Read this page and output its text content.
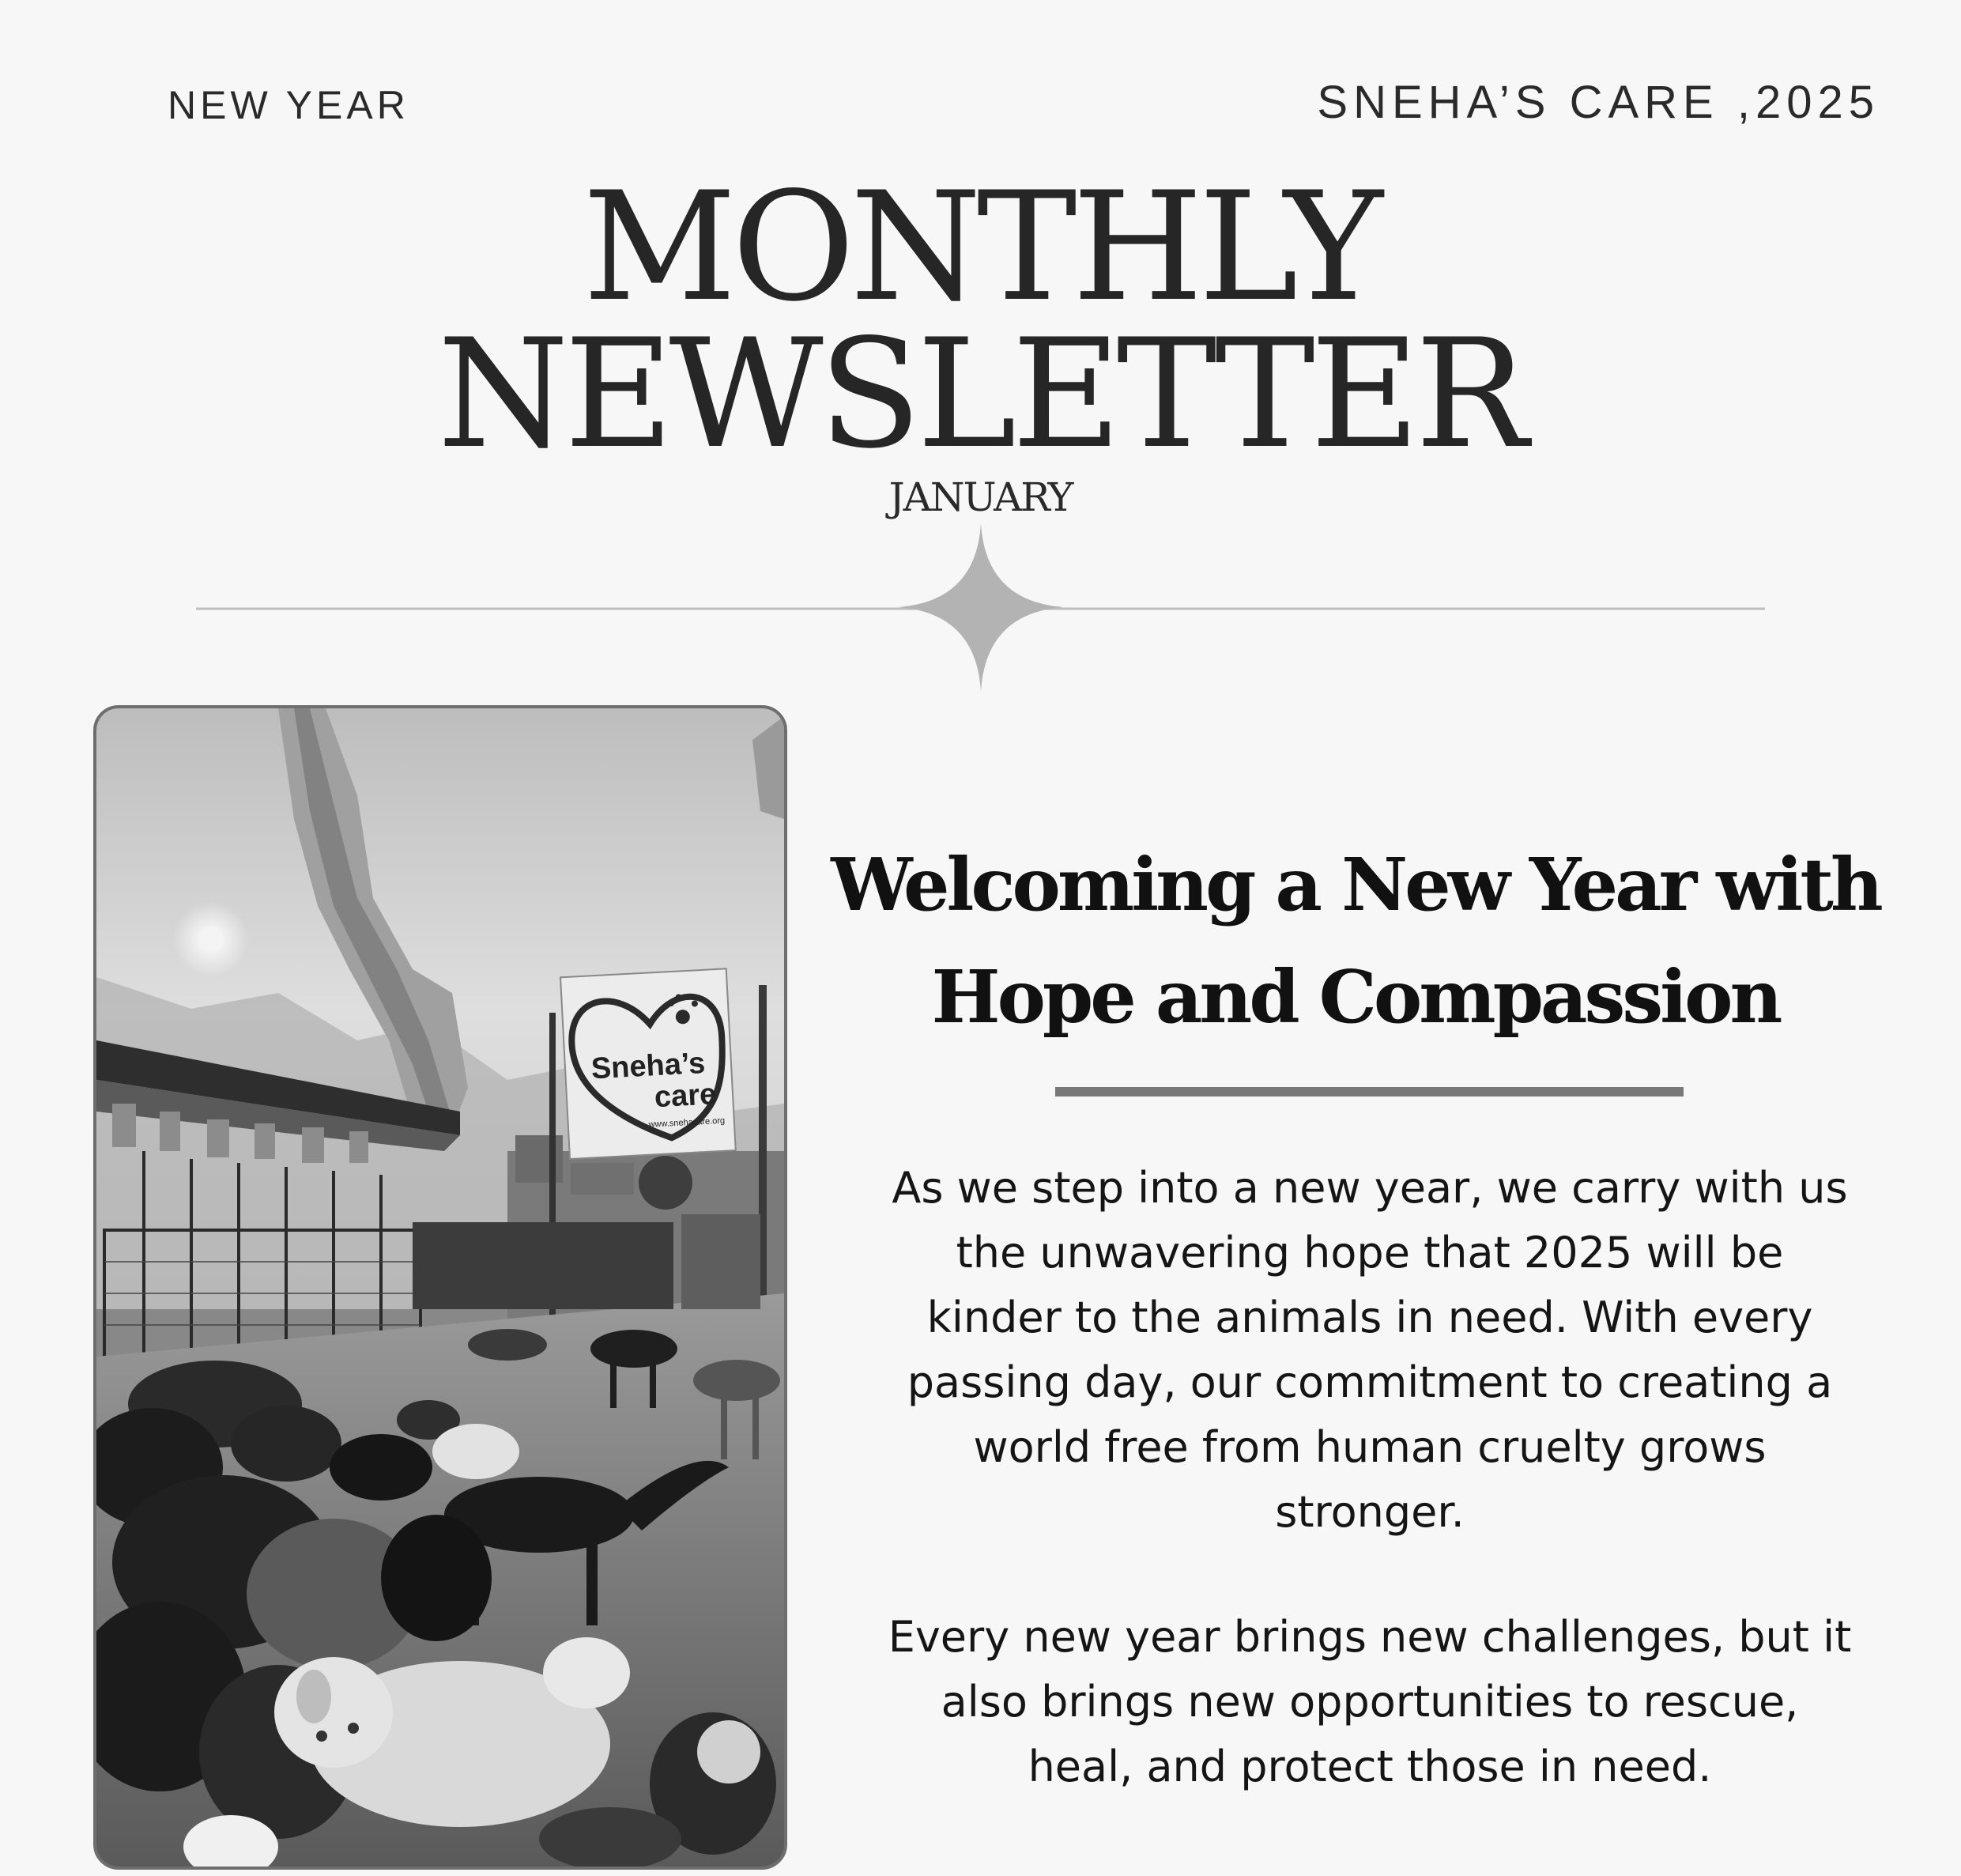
NEW YEAR	SNEHA’S CARE ,2025
MONTHLY
NEWSLETTER
JANUARY
Sneha’s
care
www.snehacare.org
Welcoming a New Year with
Hope and Compassion

As we step into a new year, we carry with us
the unwavering hope that 2025 will be
kinder to the animals in need. With every
passing day, our commitment to creating a
world free from human cruelty grows
stronger.

Every new year brings new challenges, but it
also brings new opportunities to rescue,
heal, and protect those in need.
